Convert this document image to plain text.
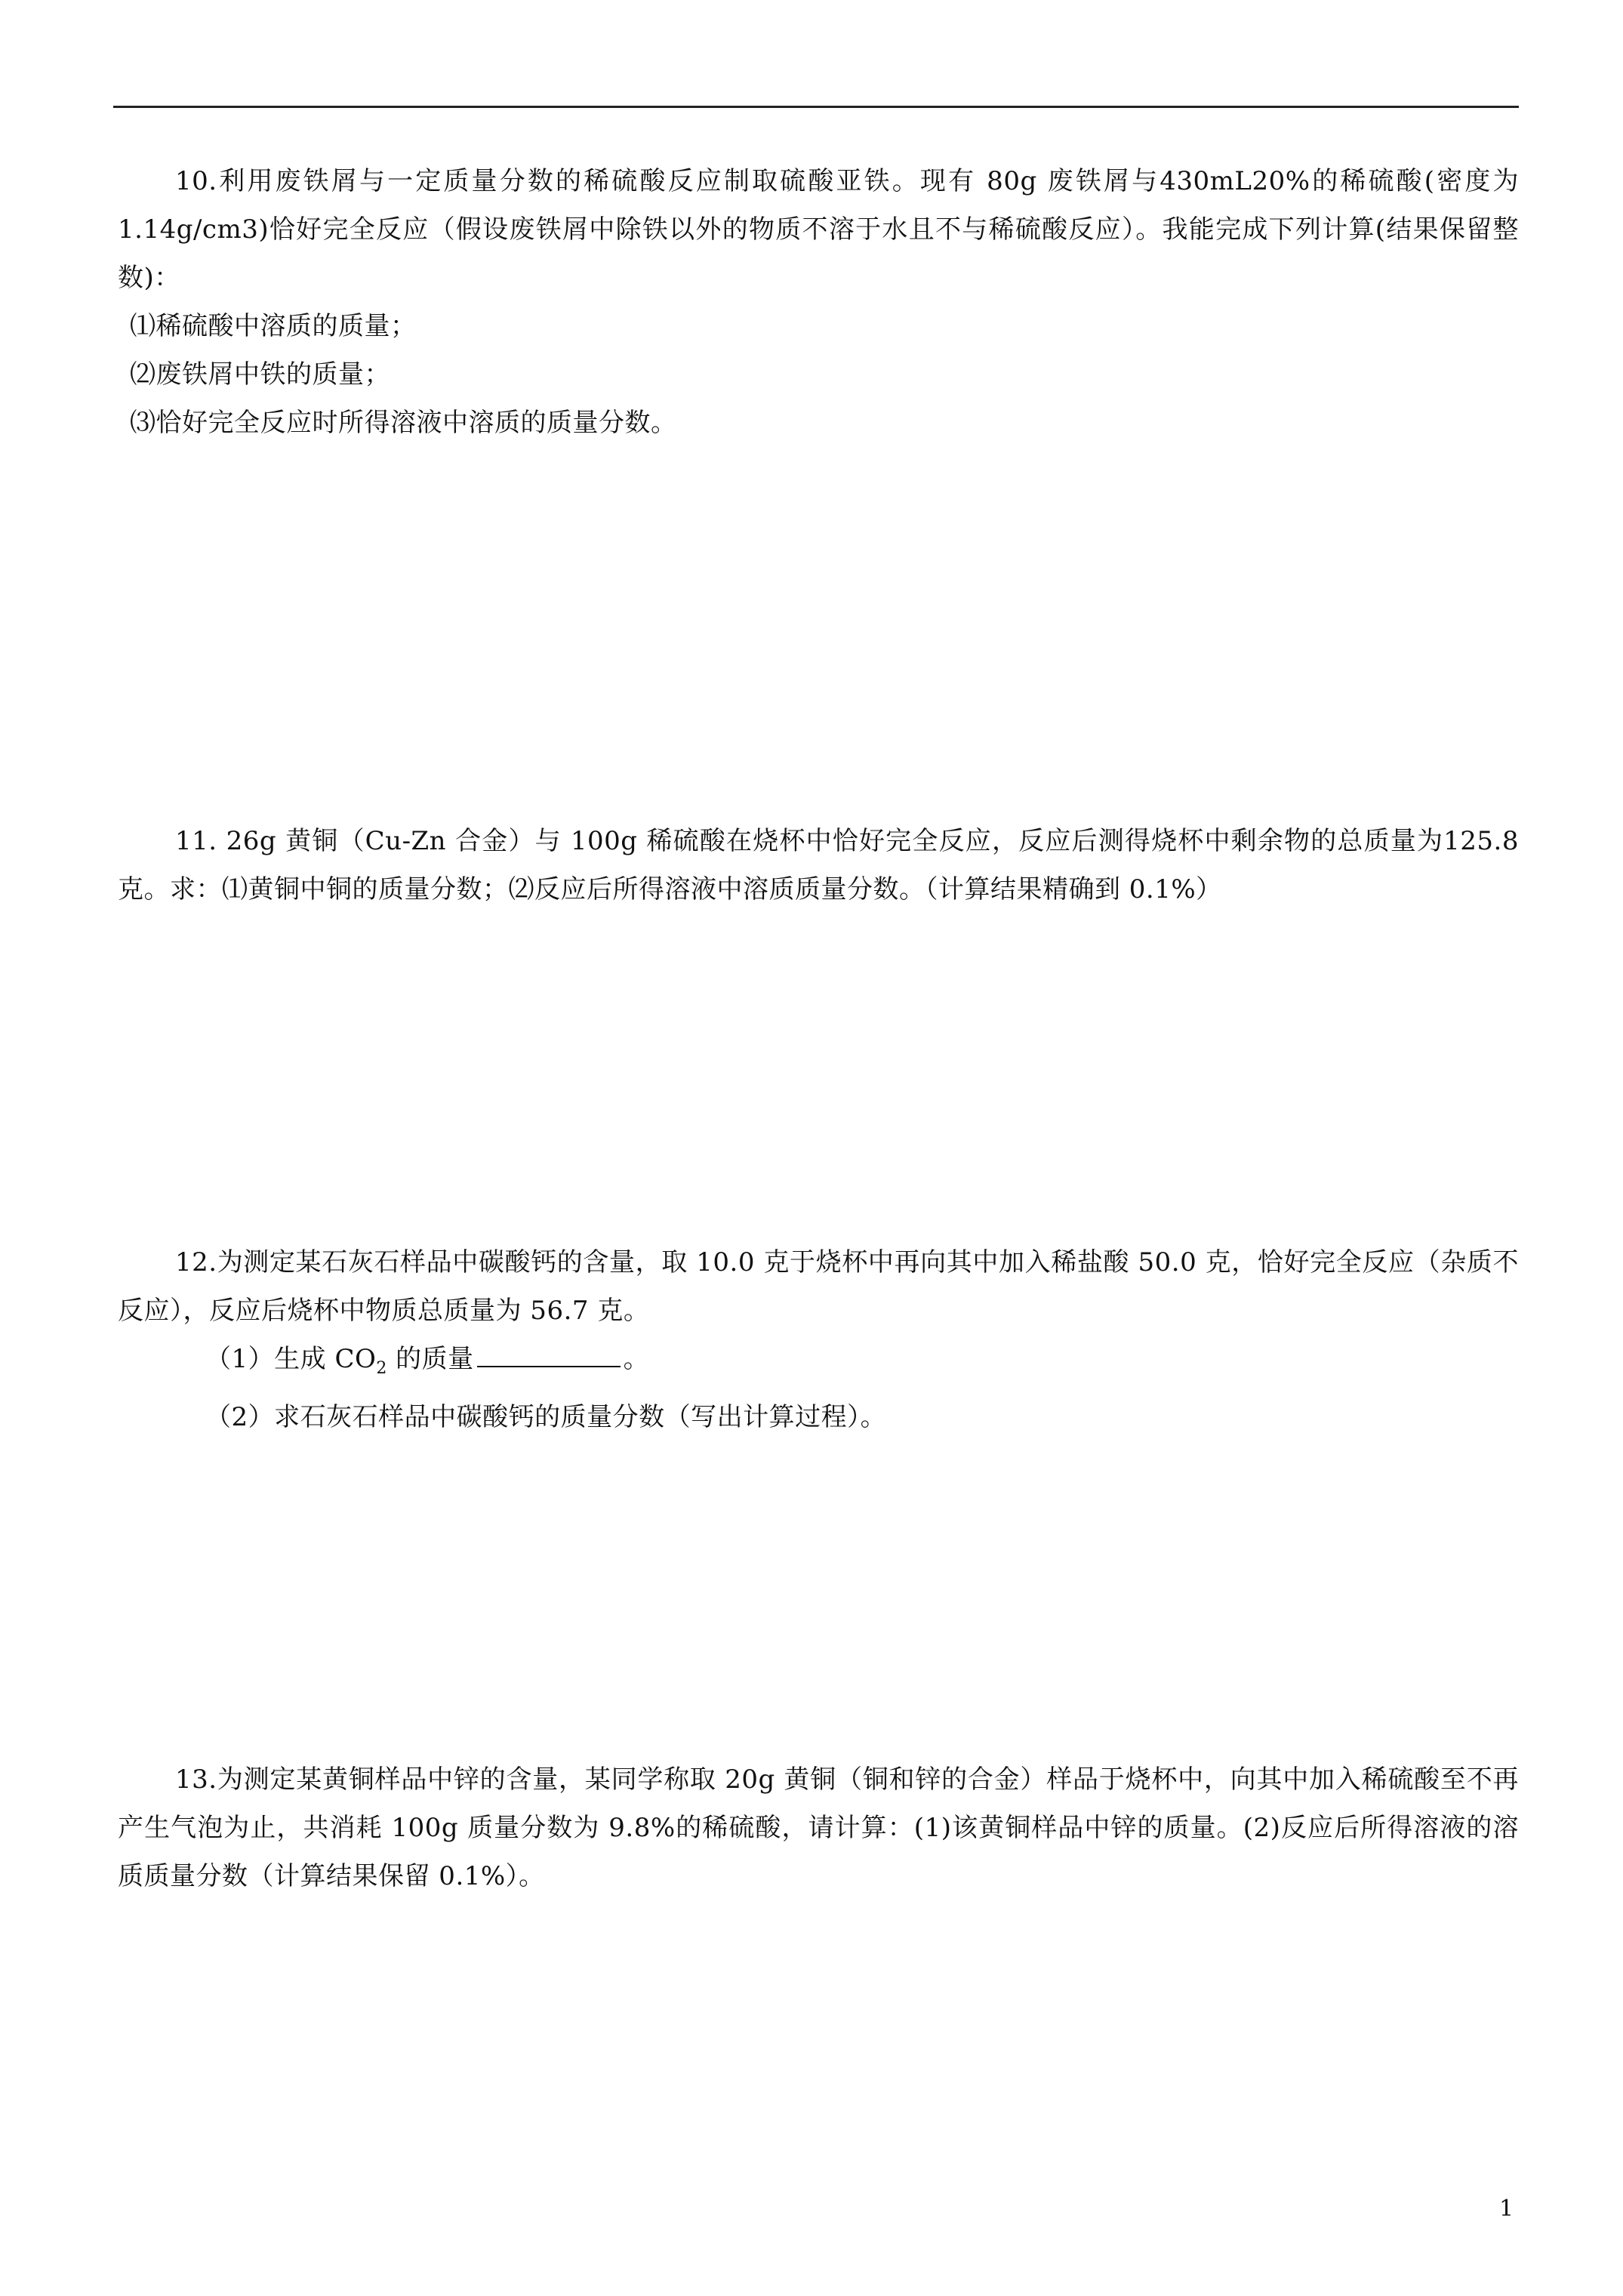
10.利用废铁屑与一定质量分数的稀硫酸反应制取硫酸亚铁。现有 80g 废铁屑与430mL20%的稀硫酸(密度为1.14g/cm3)恰好完全反应（假设废铁屑中除铁以外的物质不溶于水且不与稀硫酸反应）。我能完成下列计算(结果保留整数)：

⑴稀硫酸中溶质的质量；

⑵废铁屑中铁的质量；

⑶恰好完全反应时所得溶液中溶质的质量分数。

11. 26g 黄铜（Cu-Zn 合金）与 100g 稀硫酸在烧杯中恰好完全反应，反应后测得烧杯中剩余物的总质量为125.8 克。求：⑴黄铜中铜的质量分数；⑵反应后所得溶液中溶质质量分数。（计算结果精确到 0.1%）

12.为测定某石灰石样品中碳酸钙的含量，取 10.0 克于烧杯中再向其中加入稀盐酸 50.0 克，恰好完全反应（杂质不反应），反应后烧杯中物质总质量为 56.7 克。

（1）生成 $CO_2$ 的质量	。

（2）求石灰石样品中碳酸钙的质量分数（写出计算过程）。

13.为测定某黄铜样品中锌的含量，某同学称取 20g 黄铜（铜和锌的合金）样品于烧杯中，向其中加入稀硫酸至不再产生气泡为止，共消耗 100g 质量分数为 9.8%的稀硫酸，请计算：(1)该黄铜样品中锌的质量。(2)反应后所得溶液的溶质质量分数（计算结果保留 0.1%）。

1
